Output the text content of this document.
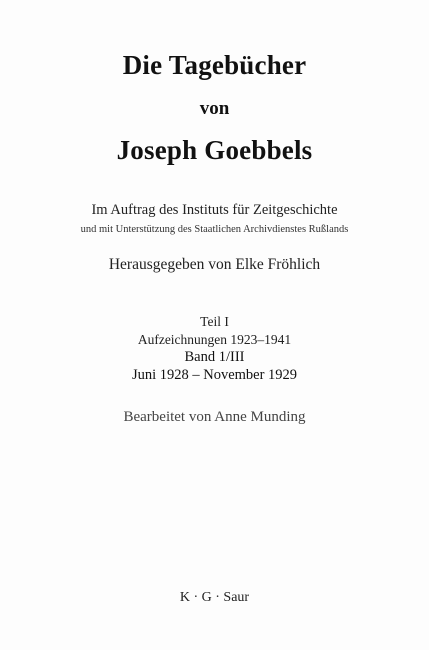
Die Tagebücher
von
Joseph Goebbels
Im Auftrag des Instituts für Zeitgeschichte
und mit Unterstützung des Staatlichen Archivdienstes Rußlands
Herausgegeben von Elke Fröhlich
Teil I
Aufzeichnungen 1923–1941
Band 1/III
Juni 1928 – November 1929
Bearbeitet von Anne Munding
K · G · Saur
